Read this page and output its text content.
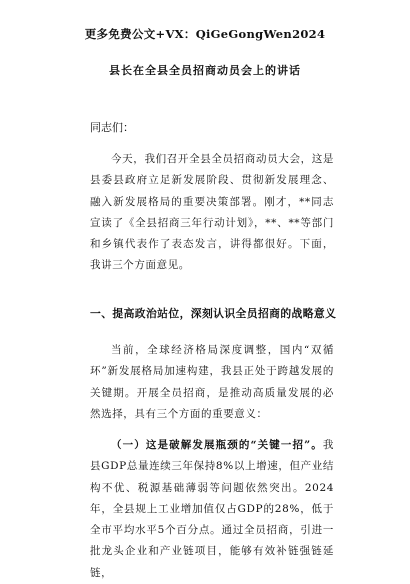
更多免费公文+VX：QiGeGongWen2024
县长在全县全员招商动员会上的讲话
同志们：

今天，我们召开全县全员招商动员大会，这是县委县政府立足新发展阶段、贯彻新发展理念、融入新发展格局的重要决策部署。刚才，**同志宣读了《全县招商三年行动计划》，**、**等部门和乡镇代表作了表态发言，讲得都很好。下面，我讲三个方面意见。

一、提高政治站位，深刻认识全员招商的战略意义

当前，全球经济格局深度调整，国内“双循环”新发展格局加速构建，我县正处于跨越发展的关键期。开展全员招商，是推动高质量发展的必然选择，具有三个方面的重要意义：

（一）这是破解发展瓶颈的“关键一招”。我县GDP总量连续三年保持8%以上增速，但产业结构不优、税源基础薄弱等问题依然突出。2024年，全县规上工业增加值仅占GDP的28%，低于全市平均水平5个百分点。通过全员招商，引进一批龙头企业和产业链项目，能够有效补链强链延链，
